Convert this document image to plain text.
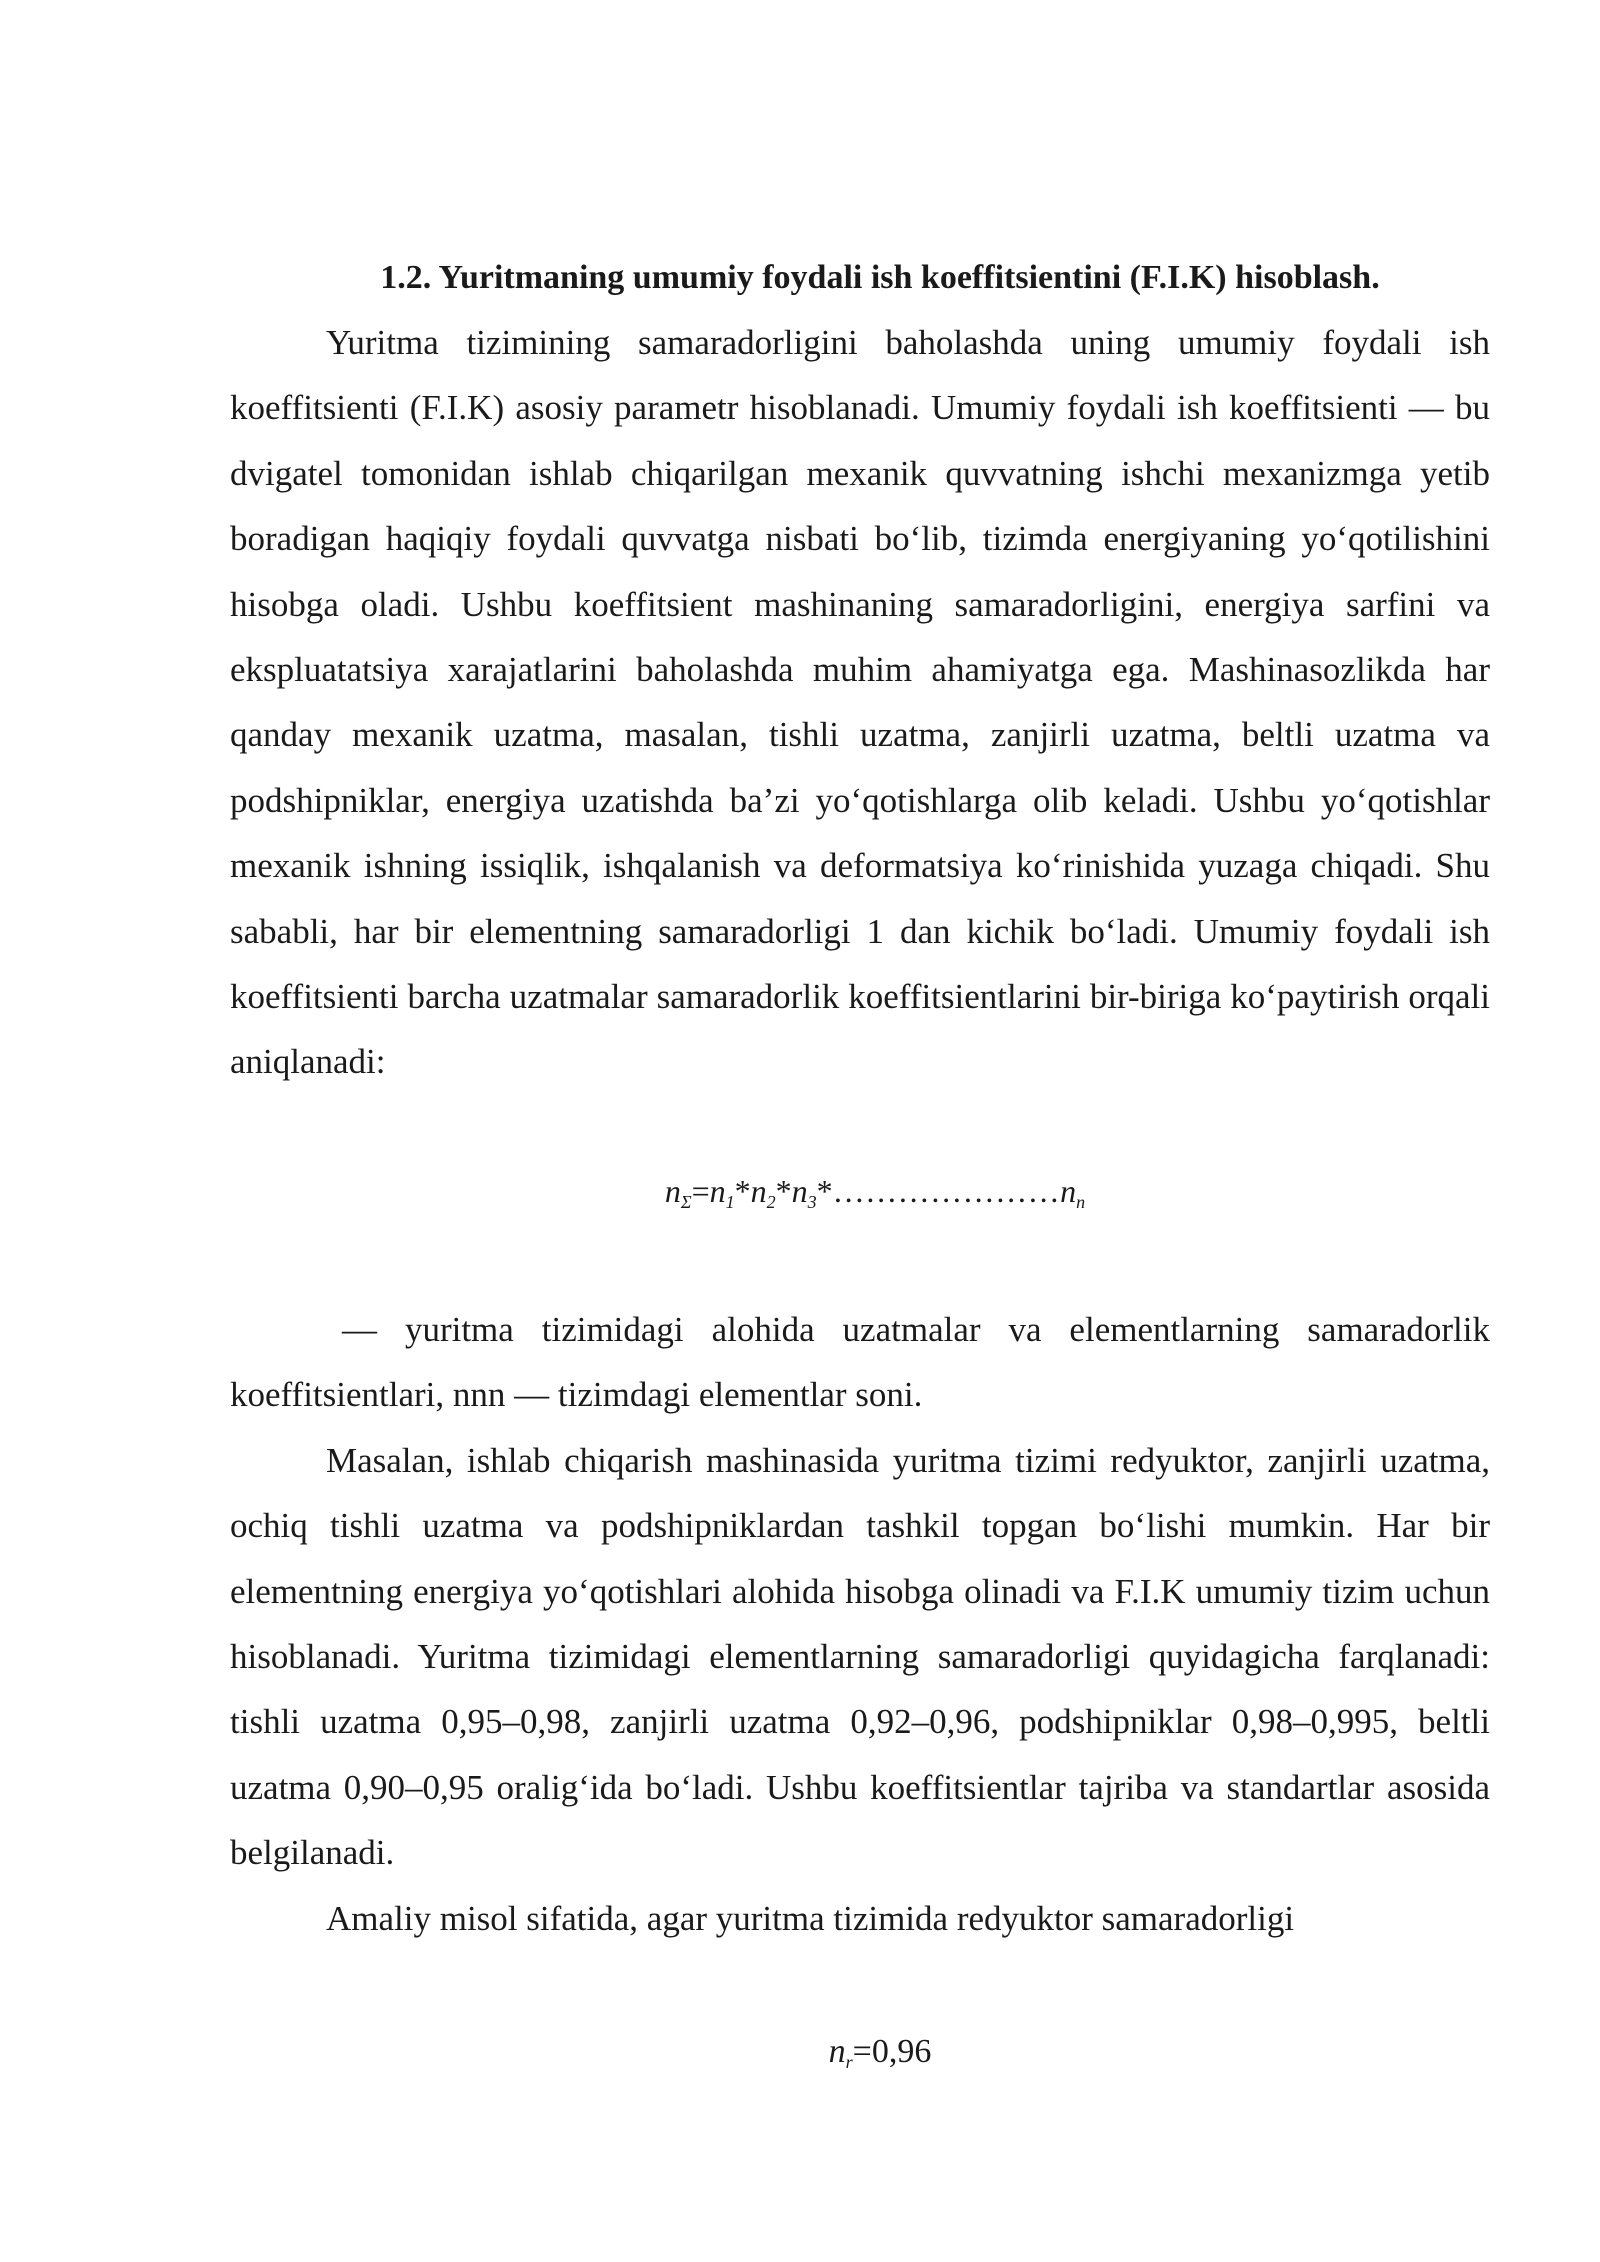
1.2. Yuritmaning umumiy foydali ish koeffitsientini (F.I.K) hisoblash.

Yuritma tizimining samaradorligini baholashda uning umumiy foydali ish koeffitsienti (F.I.K) asosiy parametr hisoblanadi. Umumiy foydali ish koeffitsienti — bu dvigatel tomonidan ishlab chiqarilgan mexanik quvvatning ishchi mexanizmga yetib boradigan haqiqiy foydali quvvatga nisbati bo‘lib, tizimda energiyaning yo‘qotilishini hisobga oladi. Ushbu koeffitsient mashinaning samaradorligini, energiya sarfini va ekspluatatsiya xarajatlarini baholashda muhim ahamiyatga ega. Mashinasozlikda har qanday mexanik uzatma, masalan, tishli uzatma, zanjirli uzatma, beltli uzatma va podshipniklar, energiya uzatishda ba’zi yo‘qotishlarga olib keladi. Ushbu yo‘qotishlar mexanik ishning issiqlik, ishqalanish va deformatsiya ko‘rinishida yuzaga chiqadi. Shu sababli, har bir elementning samaradorligi 1 dan kichik bo‘ladi. Umumiy foydali ish koeffitsienti barcha uzatmalar samaradorlik koeffitsientlarini bir-biriga ko‘paytirish orqali aniqlanadi:

$n_\Sigma=n_1*n_2*n_3*\dots\dots\dots\dots\dots\dots\dots n_n$

— yuritma tizimidagi alohida uzatmalar va elementlarning samaradorlik koeffitsientlari, nnn — tizimdagi elementlar soni.

Masalan, ishlab chiqarish mashinasida yuritma tizimi redyuktor, zanjirli uzatma, ochiq tishli uzatma va podshipniklardan tashkil topgan bo‘lishi mumkin. Har bir elementning energiya yo‘qotishlari alohida hisobga olinadi va F.I.K umumiy tizim uchun hisoblanadi. Yuritma tizimidagi elementlarning samaradorligi quyidagicha farqlanadi: tishli uzatma 0,95–0,98, zanjirli uzatma 0,92–0,96, podshipniklar 0,98–0,995, beltli uzatma 0,90–0,95 oralig‘ida bo‘ladi. Ushbu koeffitsientlar tajriba va standartlar asosida belgilanadi.

Amaliy misol sifatida, agar yuritma tizimida redyuktor samaradorligi

$n_r=0,96$
